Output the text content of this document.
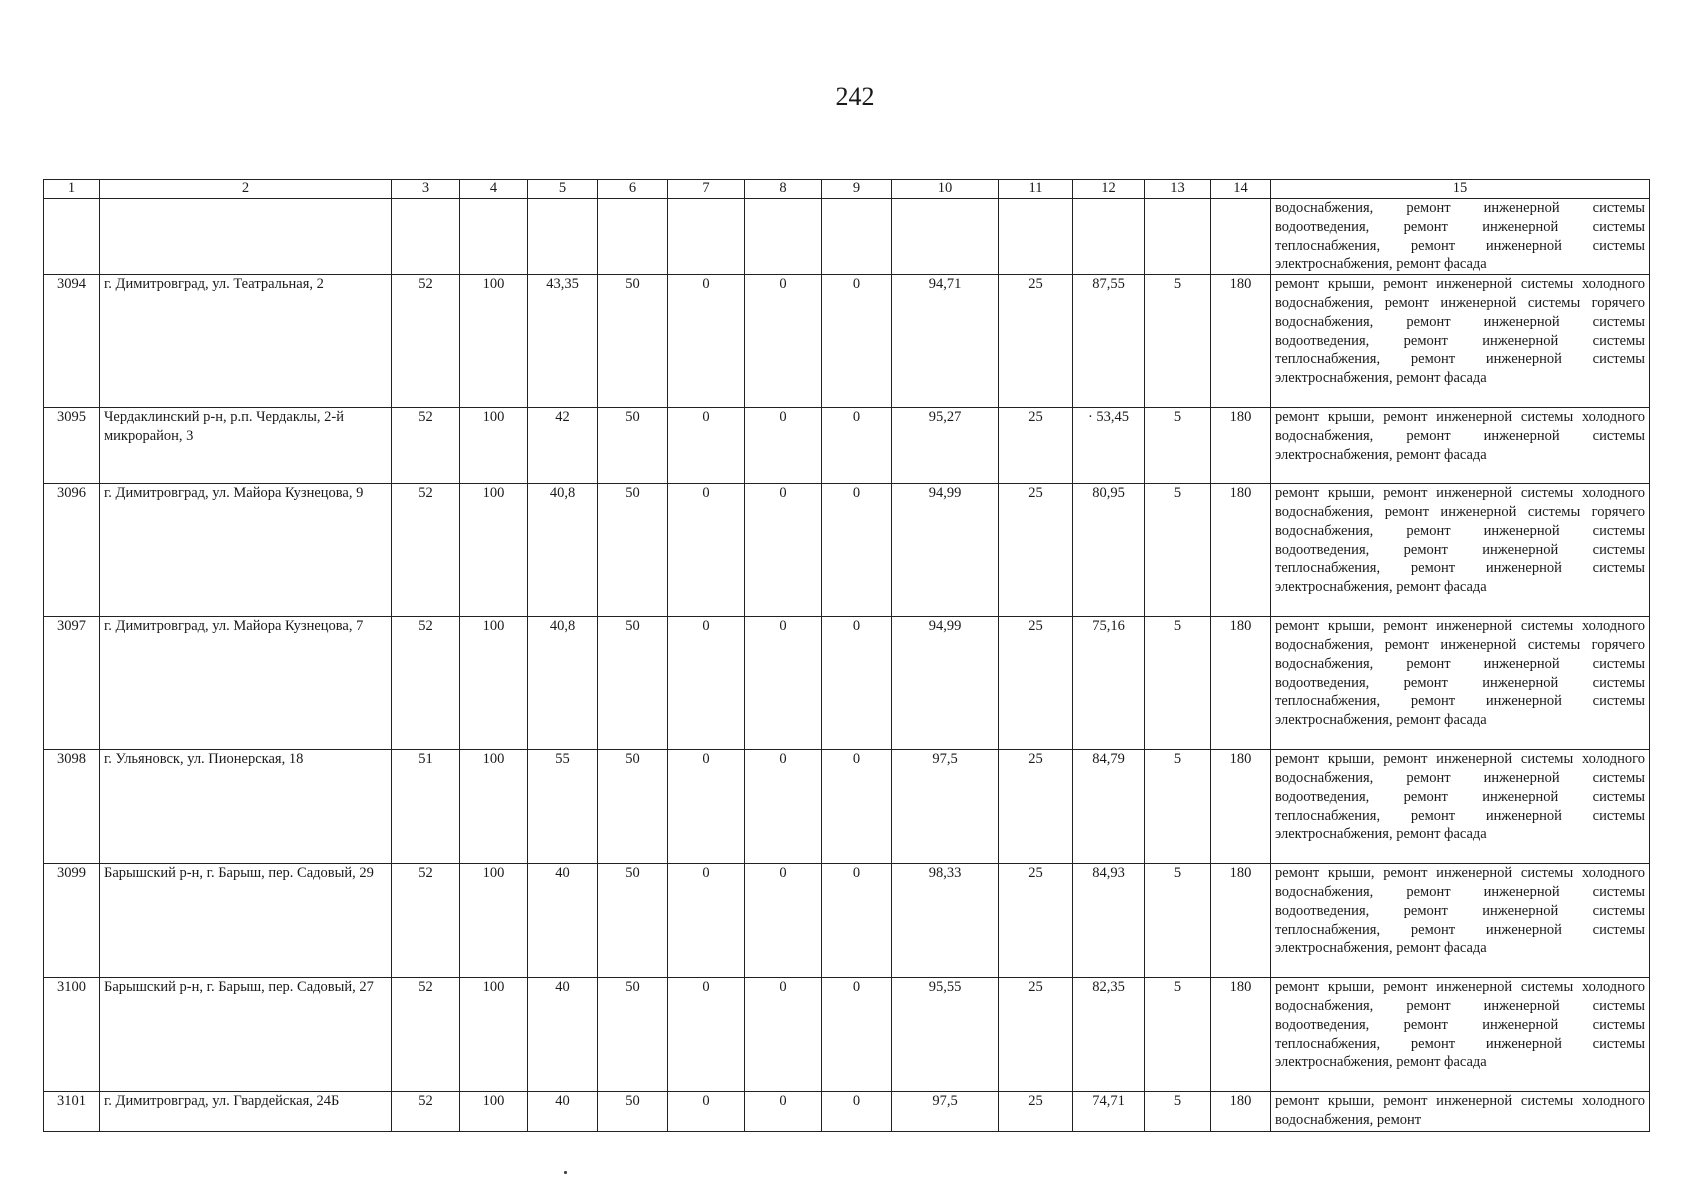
242
1	2	3	4	5	6	7	8	9	10	11	12	13	14	15
														водоснабжения, ремонт инженерной системы водоотведения, ремонт инженерной системы теплоснабжения, ремонт инженерной системы электроснабжения, ремонт фасада
3094	г. Димитровград, ул. Театральная, 2	52	100	43,35	50	0	0	0	94,71	25	87,55	5	180	ремонт крыши, ремонт инженерной системы холодного водоснабжения, ремонт инженерной системы горячего водоснабжения, ремонт инженерной системы водоотведения, ремонт инженерной системы теплоснабжения, ремонт инженерной системы электроснабжения, ремонт фасада
3095	Чердаклинский р-н, р.п. Чердаклы, 2-й микрорайон, 3	52	100	42	50	0	0	0	95,27	25	· 53,45	5	180	ремонт крыши, ремонт инженерной системы холодного водоснабжения, ремонт инженерной системы электроснабжения, ремонт фасада
3096	г. Димитровград, ул. Майора Кузнецова, 9	52	100	40,8	50	0	0	0	94,99	25	80,95	5	180	ремонт крыши, ремонт инженерной системы холодного водоснабжения, ремонт инженерной системы горячего водоснабжения, ремонт инженерной системы водоотведения, ремонт инженерной системы теплоснабжения, ремонт инженерной системы электроснабжения, ремонт фасада
3097	г. Димитровград, ул. Майора Кузнецова, 7	52	100	40,8	50	0	0	0	94,99	25	75,16	5	180	ремонт крыши, ремонт инженерной системы холодного водоснабжения, ремонт инженерной системы горячего водоснабжения, ремонт инженерной системы водоотведения, ремонт инженерной системы теплоснабжения, ремонт инженерной системы электроснабжения, ремонт фасада
3098	г. Ульяновск, ул. Пионерская, 18	51	100	55	50	0	0	0	97,5	25	84,79	5	180	ремонт крыши, ремонт инженерной системы холодного водоснабжения, ремонт инженерной системы водоотведения, ремонт инженерной системы теплоснабжения, ремонт инженерной системы электроснабжения, ремонт фасада
3099	Барышский р-н, г. Барыш, пер. Садовый, 29	52	100	40	50	0	0	0	98,33	25	84,93	5	180	ремонт крыши, ремонт инженерной системы холодного водоснабжения, ремонт инженерной системы водоотведения, ремонт инженерной системы теплоснабжения, ремонт инженерной системы электроснабжения, ремонт фасада
3100	Барышский р-н, г. Барыш, пер. Садовый, 27	52	100	40	50	0	0	0	95,55	25	82,35	5	180	ремонт крыши, ремонт инженерной системы холодного водоснабжения, ремонт инженерной системы водоотведения, ремонт инженерной системы теплоснабжения, ремонт инженерной системы электроснабжения, ремонт фасада
3101	г. Димитровград, ул. Гвардейская, 24Б	52	100	40	50	0	0	0	97,5	25	74,71	5	180	ремонт крыши, ремонт инженерной системы холодного водоснабжения, ремонт
